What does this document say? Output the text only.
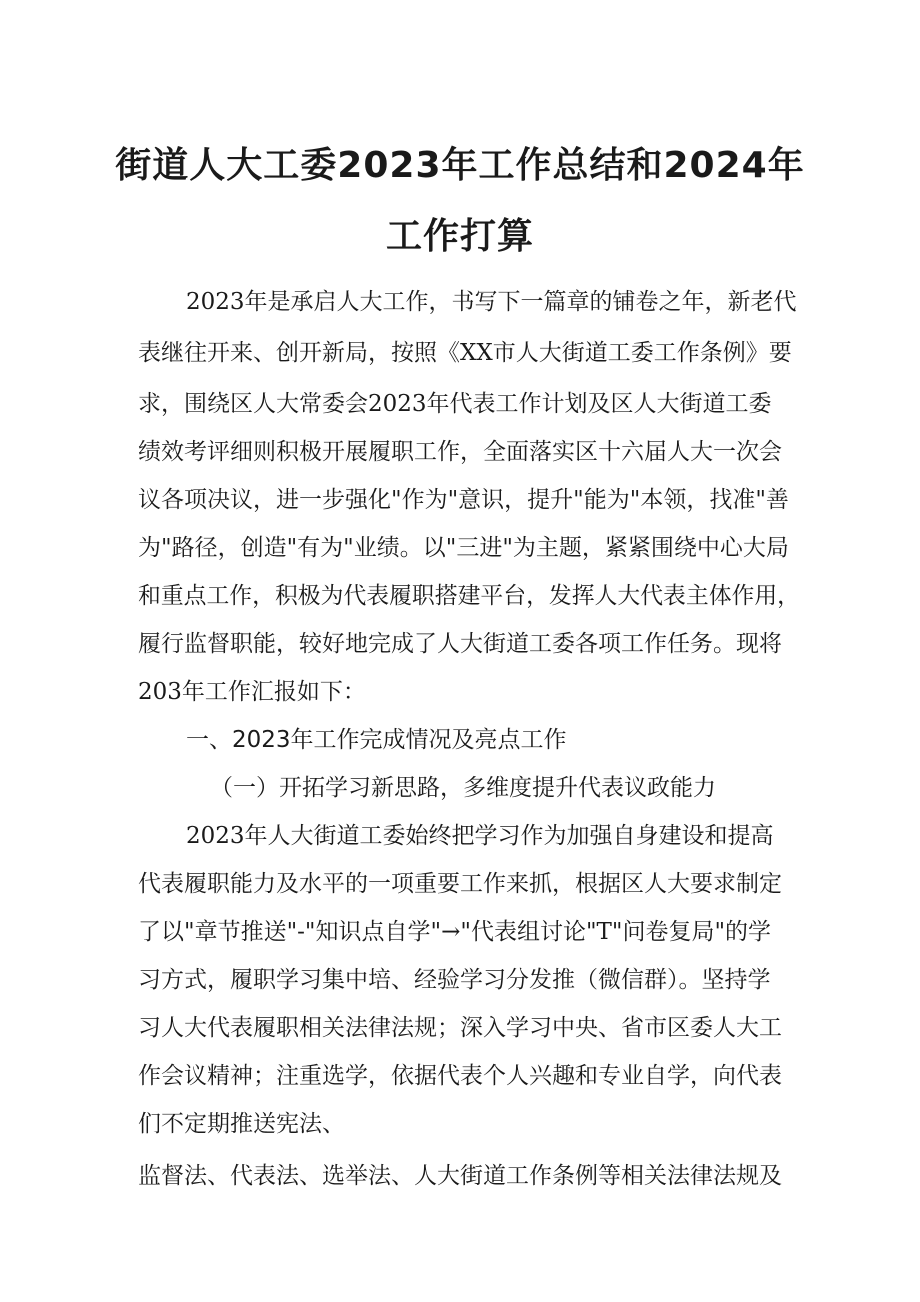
街道人大工委2023年工作总结和2024年
工作打算
2023年是承启人大工作，书写下一篇章的铺卷之年，新老代
表继往开来、创开新局，按照《XX市人大街道工委工作条例》要
求，围绕区人大常委会2023年代表工作计划及区人大街道工委
绩效考评细则积极开展履职工作，全面落实区十六届人大一次会
议各项决议，进一步强化"作为"意识，提升"能为"本领，找准"善
为"路径，创造"有为"业绩。以"三进"为主题，紧紧围绕中心大局
和重点工作，积极为代表履职搭建平台，发挥人大代表主体作用，
履行监督职能，较好地完成了人大街道工委各项工作任务。现将
203年工作汇报如下：
一、2023年工作完成情况及亮点工作
（一）开拓学习新思路，多维度提升代表议政能力
2023年人大街道工委始终把学习作为加强自身建设和提高
代表履职能力及水平的一项重要工作来抓，根据区人大要求制定
了以"章节推送"-"知识点自学"→"代表组讨论"T"问卷复局"的学
习方式，履职学习集中培、经验学习分发推（微信群）。坚持学
习人大代表履职相关法律法规；深入学习中央、省市区委人大工
作会议精神；注重选学，依据代表个人兴趣和专业自学，向代表
们不定期推送宪法、
监督法、代表法、选举法、人大街道工作条例等相关法律法规及
